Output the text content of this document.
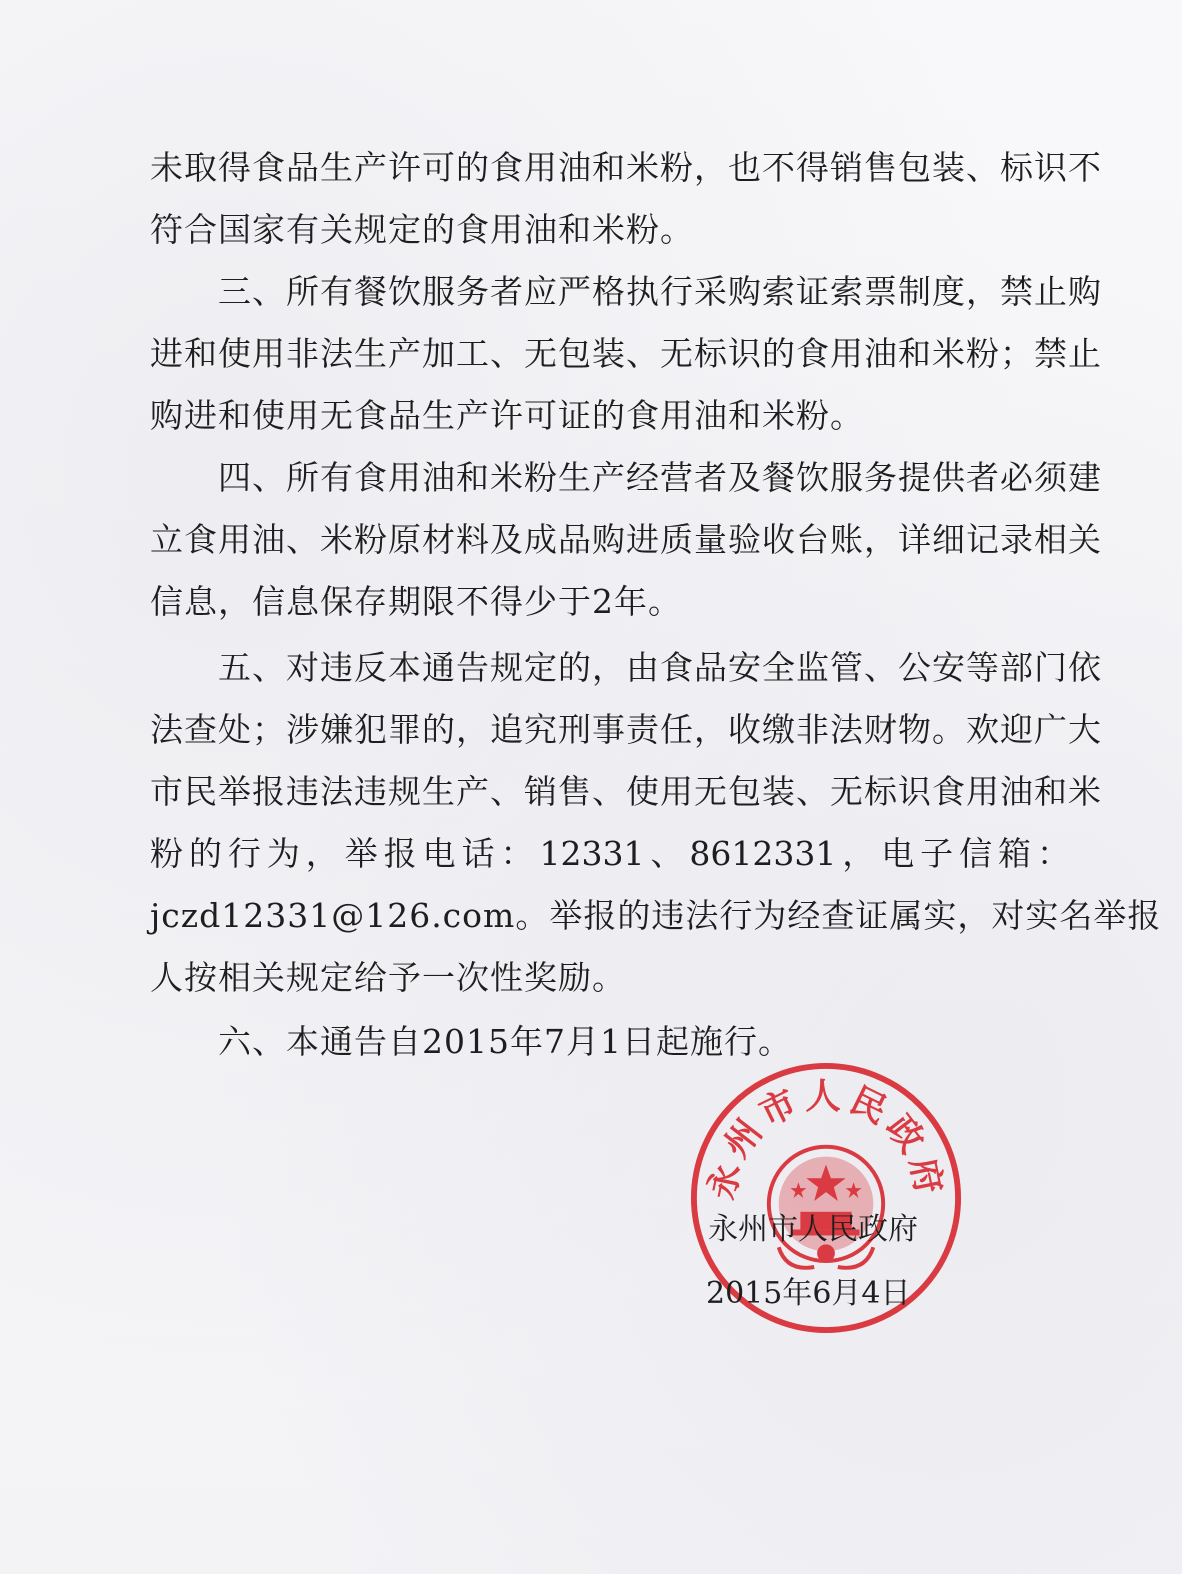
未取得食品生产许可的食用油和米粉，也不得销售包装、标识不

符合国家有关规定的食用油和米粉。

三、所有餐饮服务者应严格执行采购索证索票制度，禁止购

进和使用非法生产加工、无包装、无标识的食用油和米粉；禁止

购进和使用无食品生产许可证的食用油和米粉。

四、所有食用油和米粉生产经营者及餐饮服务提供者必须建

立食用油、米粉原材料及成品购进质量验收台账，详细记录相关

信息，信息保存期限不得少于2年。

五、对违反本通告规定的，由食品安全监管、公安等部门依

法查处；涉嫌犯罪的，追究刑事责任，收缴非法财物。欢迎广大

市民举报违法违规生产、销售、使用无包装、无标识食用油和米

粉的行为，举报电话：12331、8612331，电子信箱：

jczd12331@126.com。举报的违法行为经查证属实，对实名举报

人按相关规定给予一次性奖励。

六、本通告自2015年7月1日起施行。

永州市人民政府
永州市人民政府
2015年6月4日
